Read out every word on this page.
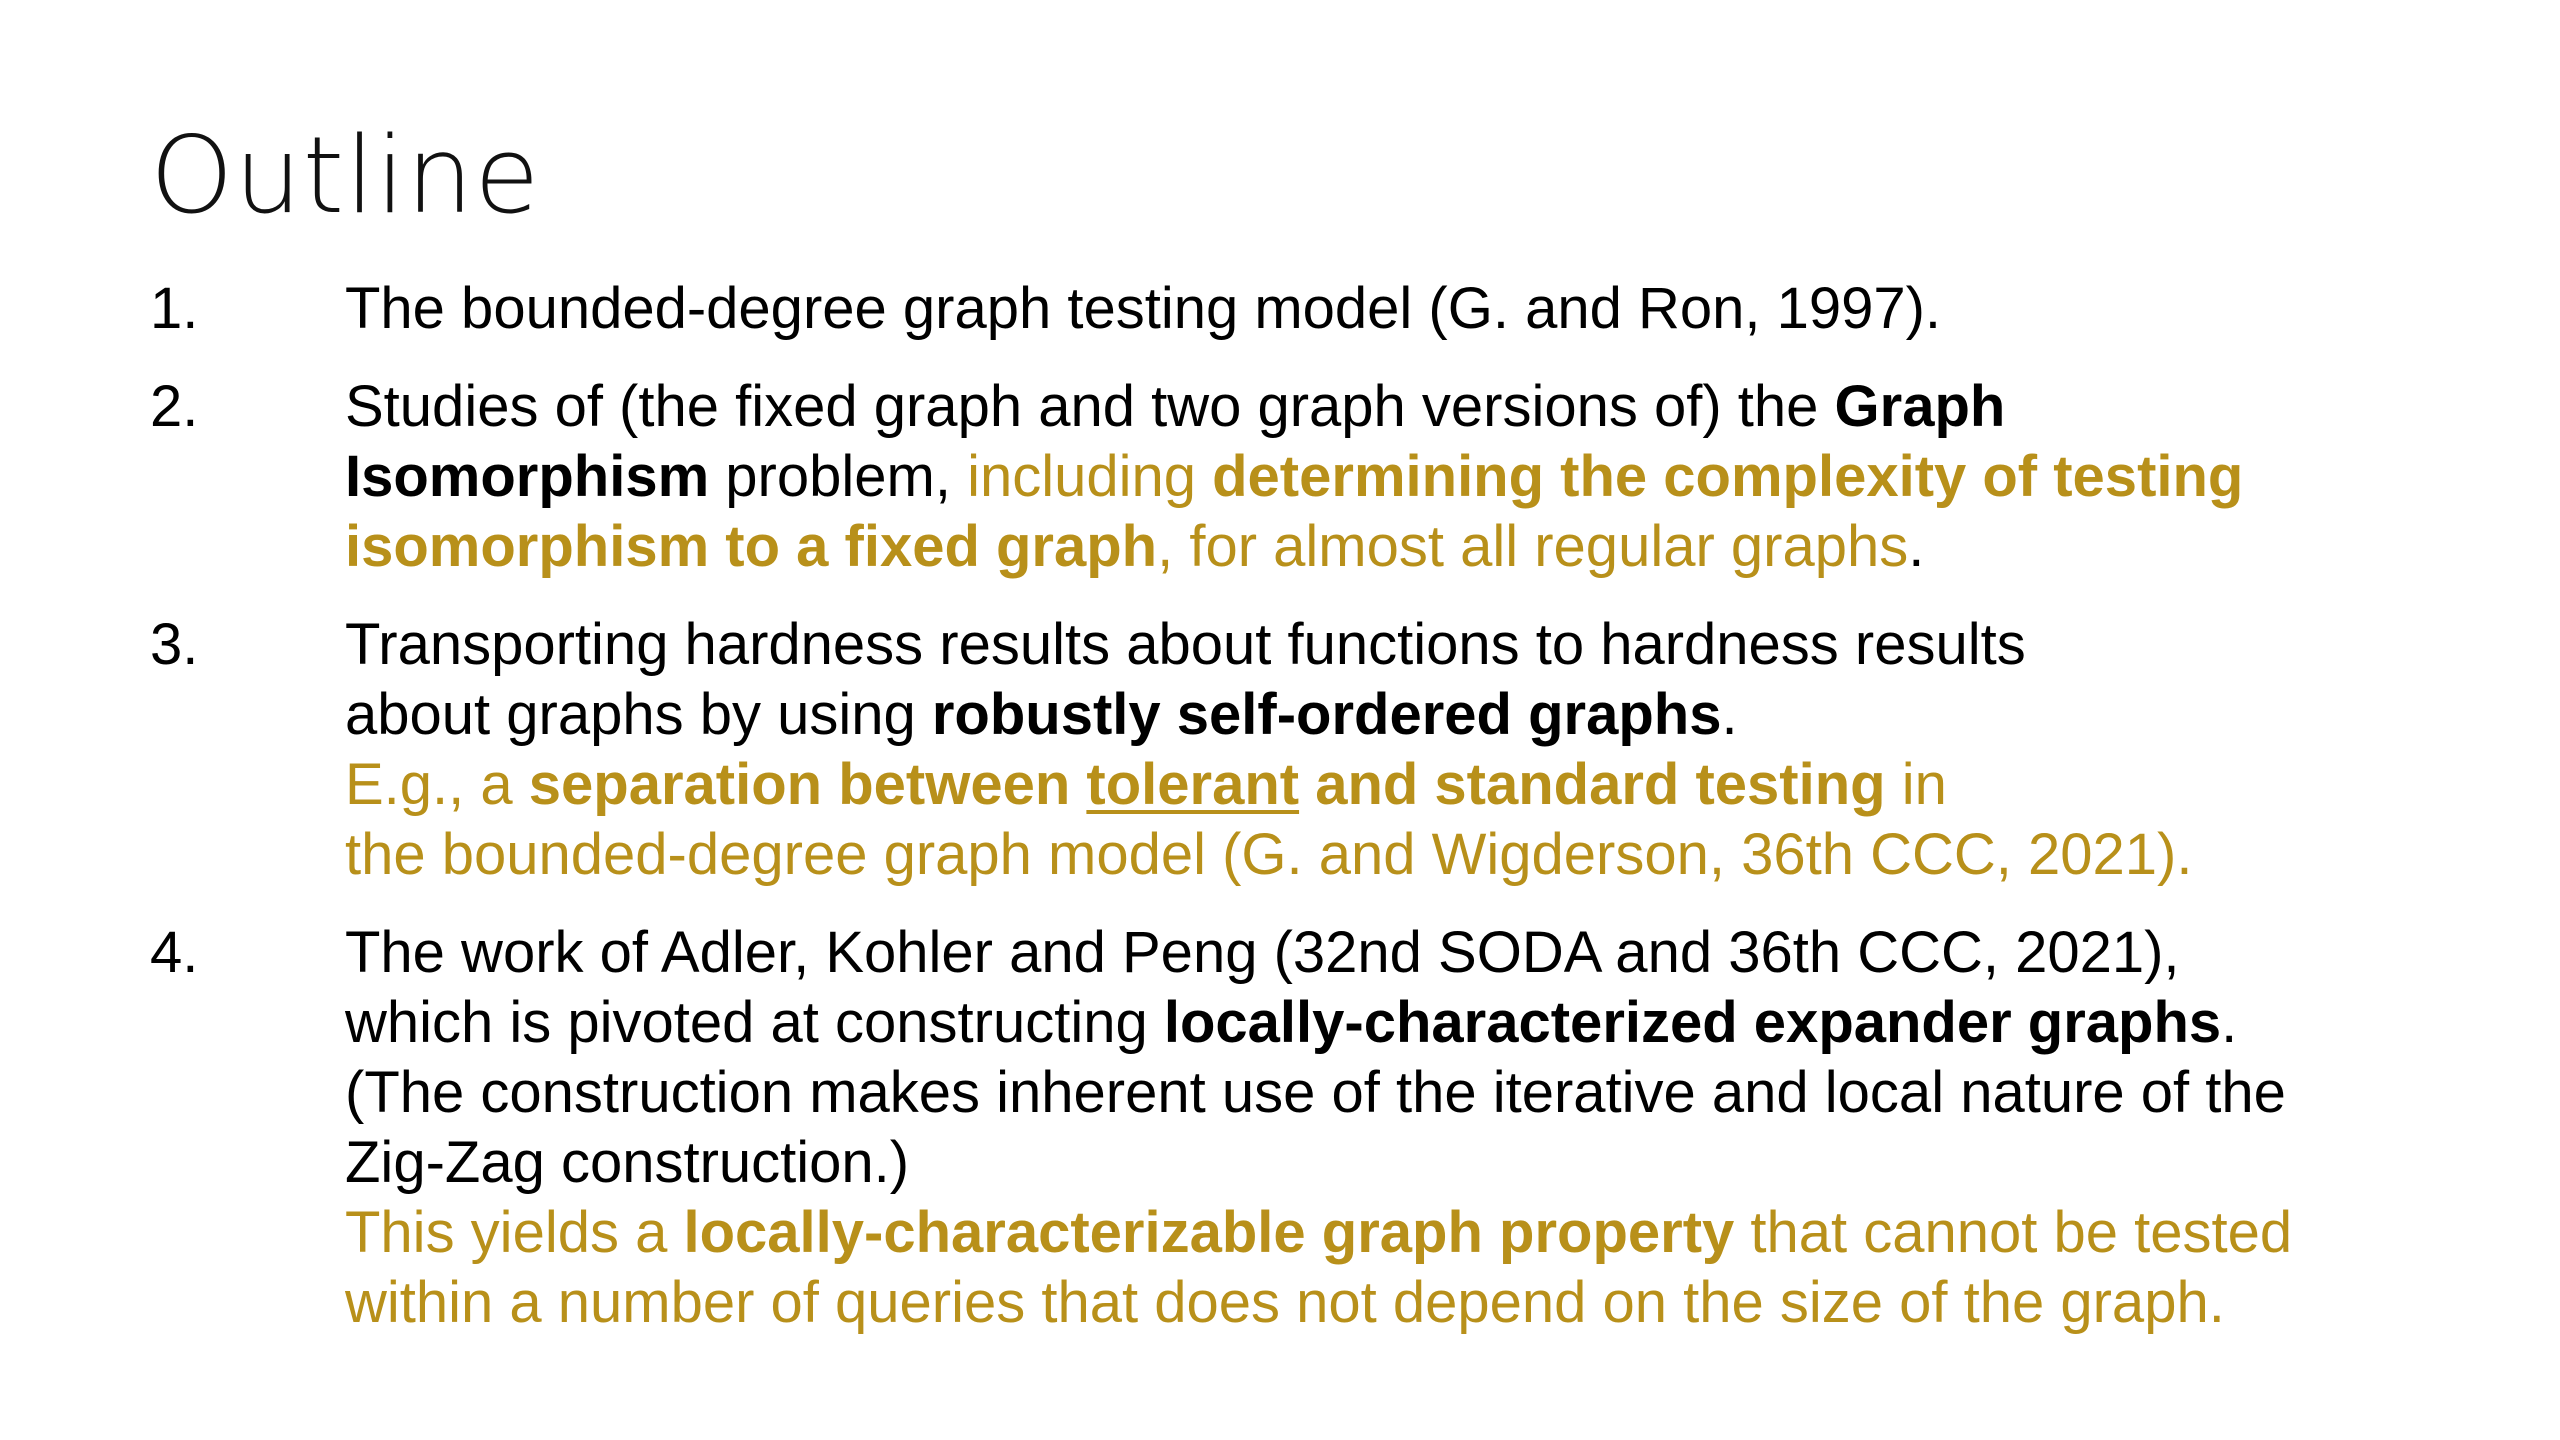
Outline
1.	The bounded-degree graph testing model (G. and Ron, 1997).
2.	Studies of (the fixed graph and two graph versions of) the Graph
Isomorphism problem, including determining the complexity of testing
isomorphism to a fixed graph, for almost all regular graphs.
3.	Transporting hardness results about functions to hardness results
about graphs by using robustly self-ordered graphs.
E.g., a separation between tolerant and standard testing in
the bounded-degree graph model (G. and Wigderson, 36th CCC, 2021).
4.	The work of Adler, Kohler and Peng (32nd SODA and 36th CCC, 2021),
which is pivoted at constructing locally-characterized expander graphs.
(The construction makes inherent use of the iterative and local nature of the
Zig-Zag construction.)
This yields a locally-characterizable graph property that cannot be tested
within a number of queries that does not depend on the size of the graph.
